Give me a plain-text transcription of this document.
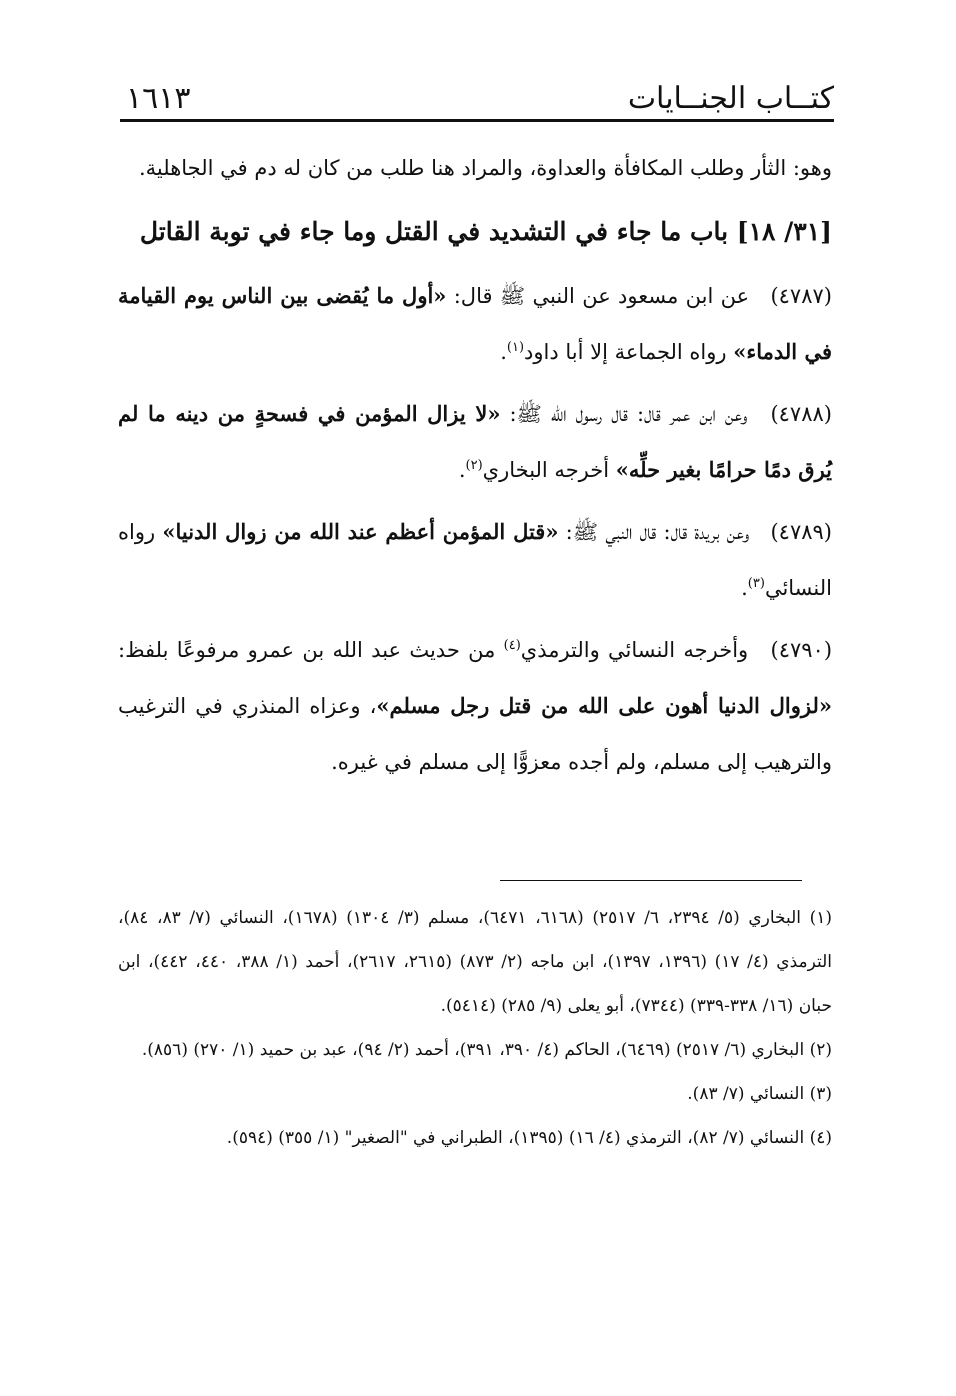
كتــاب الجنــايات
١٦١٣

وهو: الثأر وطلب المكافأة والعداوة، والمراد هنا طلب من كان له دم في الجاهلية.

[٣١/ ١٨] باب ما جاء في التشديد في القتل وما جاء في توبة القاتل

(٤٧٨٧) عن ابن مسعود عن النبي ﷺ قال: «أول ما يُقضى بين الناس يوم القيامة في الدماء» رواه الجماعة إلا أبا داود$^{(١)}$.

(٤٧٨٨) وعن ابن عمر قال: قال رسول الله ﷺ: «لا يزال المؤمن في فسحةٍ من دينه ما لم يُرق دمًا حرامًا بغير حلِّه» أخرجه البخاري$^{(٢)}$.

(٤٧٨٩) وعن بريدة قال: قال النبي ﷺ: «قتل المؤمن أعظم عند الله من زوال الدنيا» رواه النسائي$^{(٣)}$.

(٤٧٩٠) وأخرجه النسائي والترمذي$^{(٤)}$ من حديث عبد الله بن عمرو مرفوعًا بلفظ: «لزوال الدنيا أهون على الله من قتل رجل مسلم»، وعزاه المنذري في الترغيب والترهيب إلى مسلم، ولم أجده معزوًّا إلى مسلم في غيره.

(١) البخاري (٥/ ٢٣٩٤، ٦/ ٢٥١٧) (٦١٦٨، ٦٤٧١)، مسلم (٣/ ١٣٠٤) (١٦٧٨)، النسائي (٧/ ٨٣، ٨٤)، الترمذي (٤/ ١٧) (١٣٩٦، ١٣٩٧)، ابن ماجه (٢/ ٨٧٣) (٢٦١٥، ٢٦١٧)، أحمد (١/ ٣٨٨، ٤٤٠، ٤٤٢)، ابن حبان (١٦/ ٣٣٨-٣٣٩) (٧٣٤٤)، أبو يعلى (٩/ ٢٨٥) (٥٤١٤).

(٢) البخاري (٦/ ٢٥١٧) (٦٤٦٩)، الحاكم (٤/ ٣٩٠، ٣٩١)، أحمد (٢/ ٩٤)، عبد بن حميد (١/ ٢٧٠) (٨٥٦).

(٣) النسائي (٧/ ٨٣).

(٤) النسائي (٧/ ٨٢)، الترمذي (٤/ ١٦) (١٣٩٥)، الطبراني في "الصغير" (١/ ٣٥٥) (٥٩٤).
